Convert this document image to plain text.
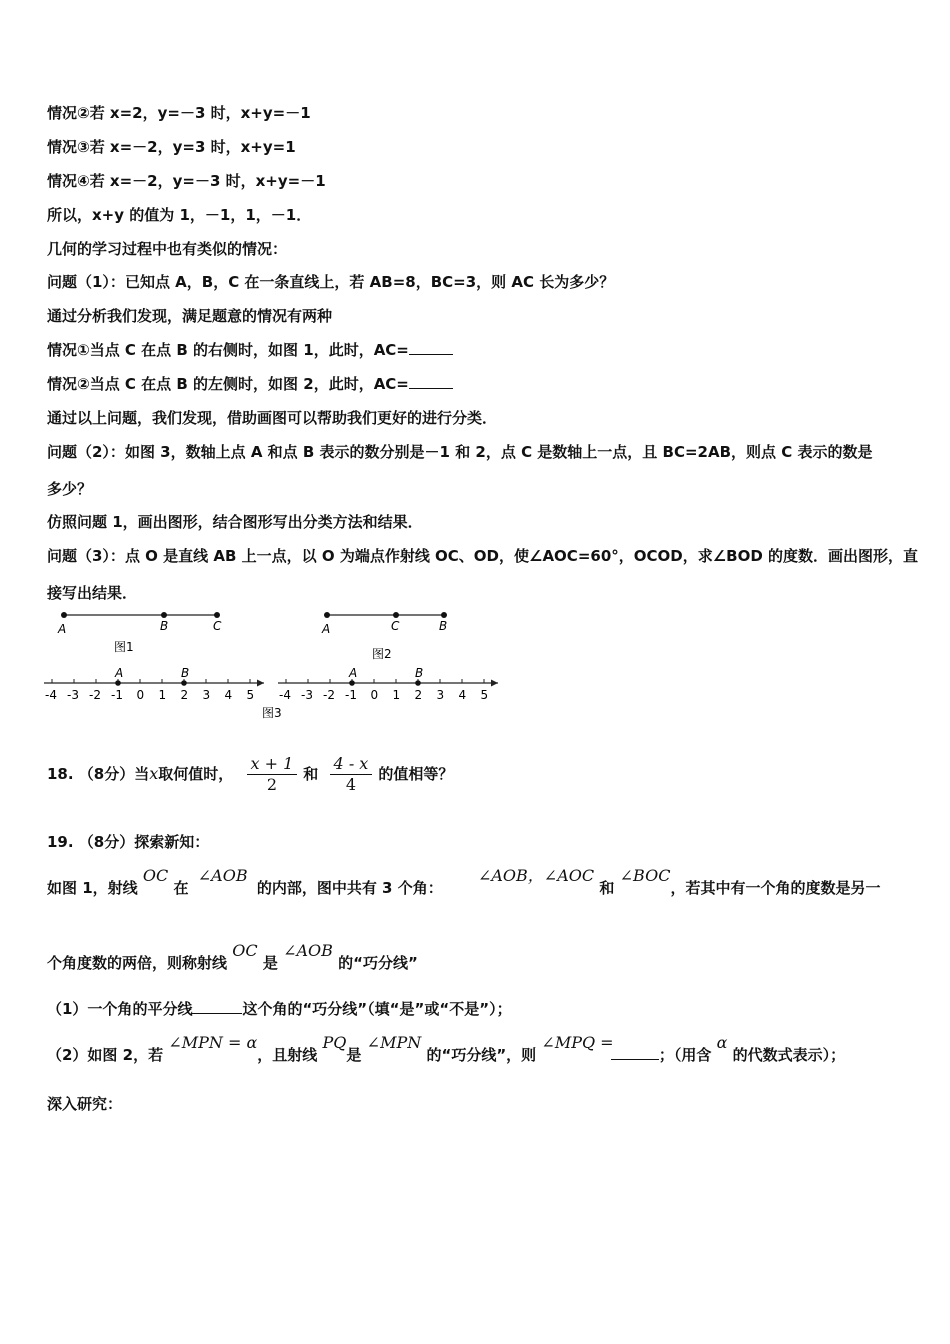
情况②若 x=2，y=－3 时，x+y=－1
情况③若 x=－2，y=3 时，x+y=1
情况④若 x=－2，y=－3 时，x+y=－1
所以，x+y 的值为 1，－1，1，－1．
几何的学习过程中也有类似的情况：
问题（1）：已知点 A，B，C 在一条直线上，若 AB=8，BC=3，则 AC 长为多少？
通过分析我们发现，满足题意的情况有两种
情况①当点 C 在点 B 的右侧时，如图 1，此时，AC=
情况②当点 C 在点 B 的左侧时，如图 2，此时，AC=
通过以上问题，我们发现，借助画图可以帮助我们更好的进行分类．
问题（2）：如图 3，数轴上点 A 和点 B 表示的数分别是－1 和 2，点 C 是数轴上一点，且 BC=2AB，则点 C 表示的数是
多少？
仿照问题 1，画出图形，结合图形写出分类方法和结果．
问题（3）：点 O 是直线 AB 上一点，以 O 为端点作射线 OC、OD，使∠AOC=60°，OCOD，求∠BOD 的度数．画出图形，直
接写出结果．
A	B	C
图1
A	C	B
图2
-4 -3 -2 -1 0 1 2 3 4 5
A	B
-4 -3 -2 -1 0 1 2 3 4 5
A	B
图3
18. （8分）当x取何值时， $\frac{x + 1}{2}$ 和 $\frac{4 - x}{4}$ 的值相等？
19. （8分）探索新知：
如图 1，射线 OC 在 ∠AOB 的内部，图中共有 3 个角： ∠AOB，∠AOC 和 ∠BOC，若其中有一个角的度数是另一
个角度数的两倍，则称射线 OC 是 ∠AOB 的“巧分线”
（1）一个角的平分线	这个角的“巧分线”（填“是”或“不是”）；
（2）如图 2，若 ∠MPN = α，且射线 PQ是 ∠MPN 的“巧分线”，则 ∠MPQ = ；（用含 α 的代数式表示）；
深入研究：
